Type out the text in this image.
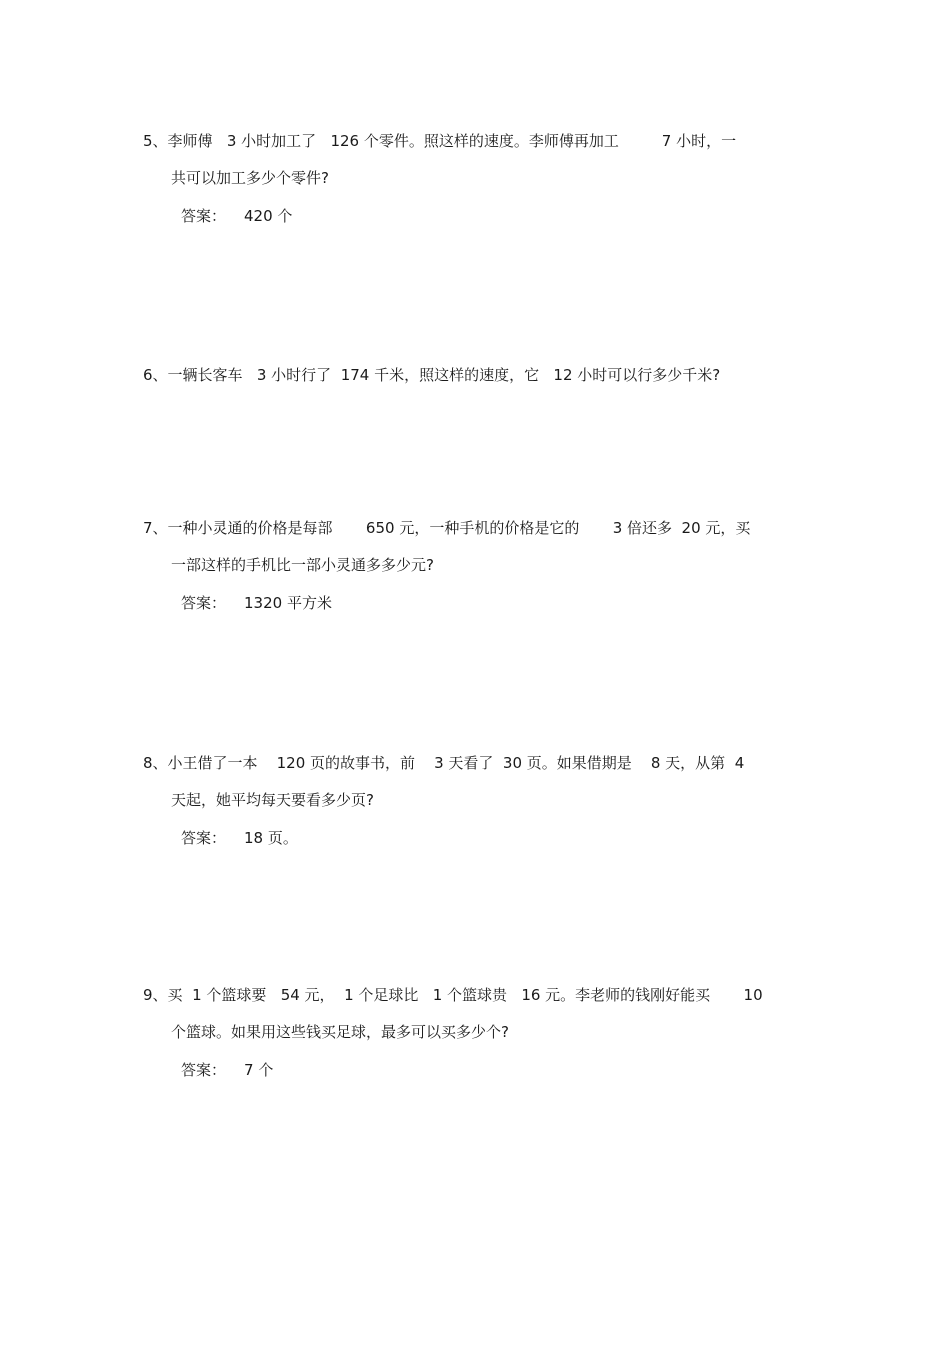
5、李师傅   3 小时加工了   126 个零件。照这样的速度。李师傅再加工         7 小时，一
共可以加工多少个零件?
答案： 420 个
6、一辆长客车   3 小时行了  174 千米，照这样的速度，它   12 小时可以行多少千米?
7、一种小灵通的价格是每部       650 元，一种手机的价格是它的       3 倍还多  20 元，买
一部这样的手机比一部小灵通多多少元?
答案： 1320 平方米
8、小王借了一本    120 页的故事书，前    3 天看了  30 页。如果借期是    8 天，从第  4
天起，她平均每天要看多少页?
答案： 18 页。
9、买  1 个篮球要   54 元，  1 个足球比   1 个篮球贵   16 元。李老师的钱刚好能买       10
个篮球。如果用这些钱买足球，最多可以买多少个?
答案： 7 个
